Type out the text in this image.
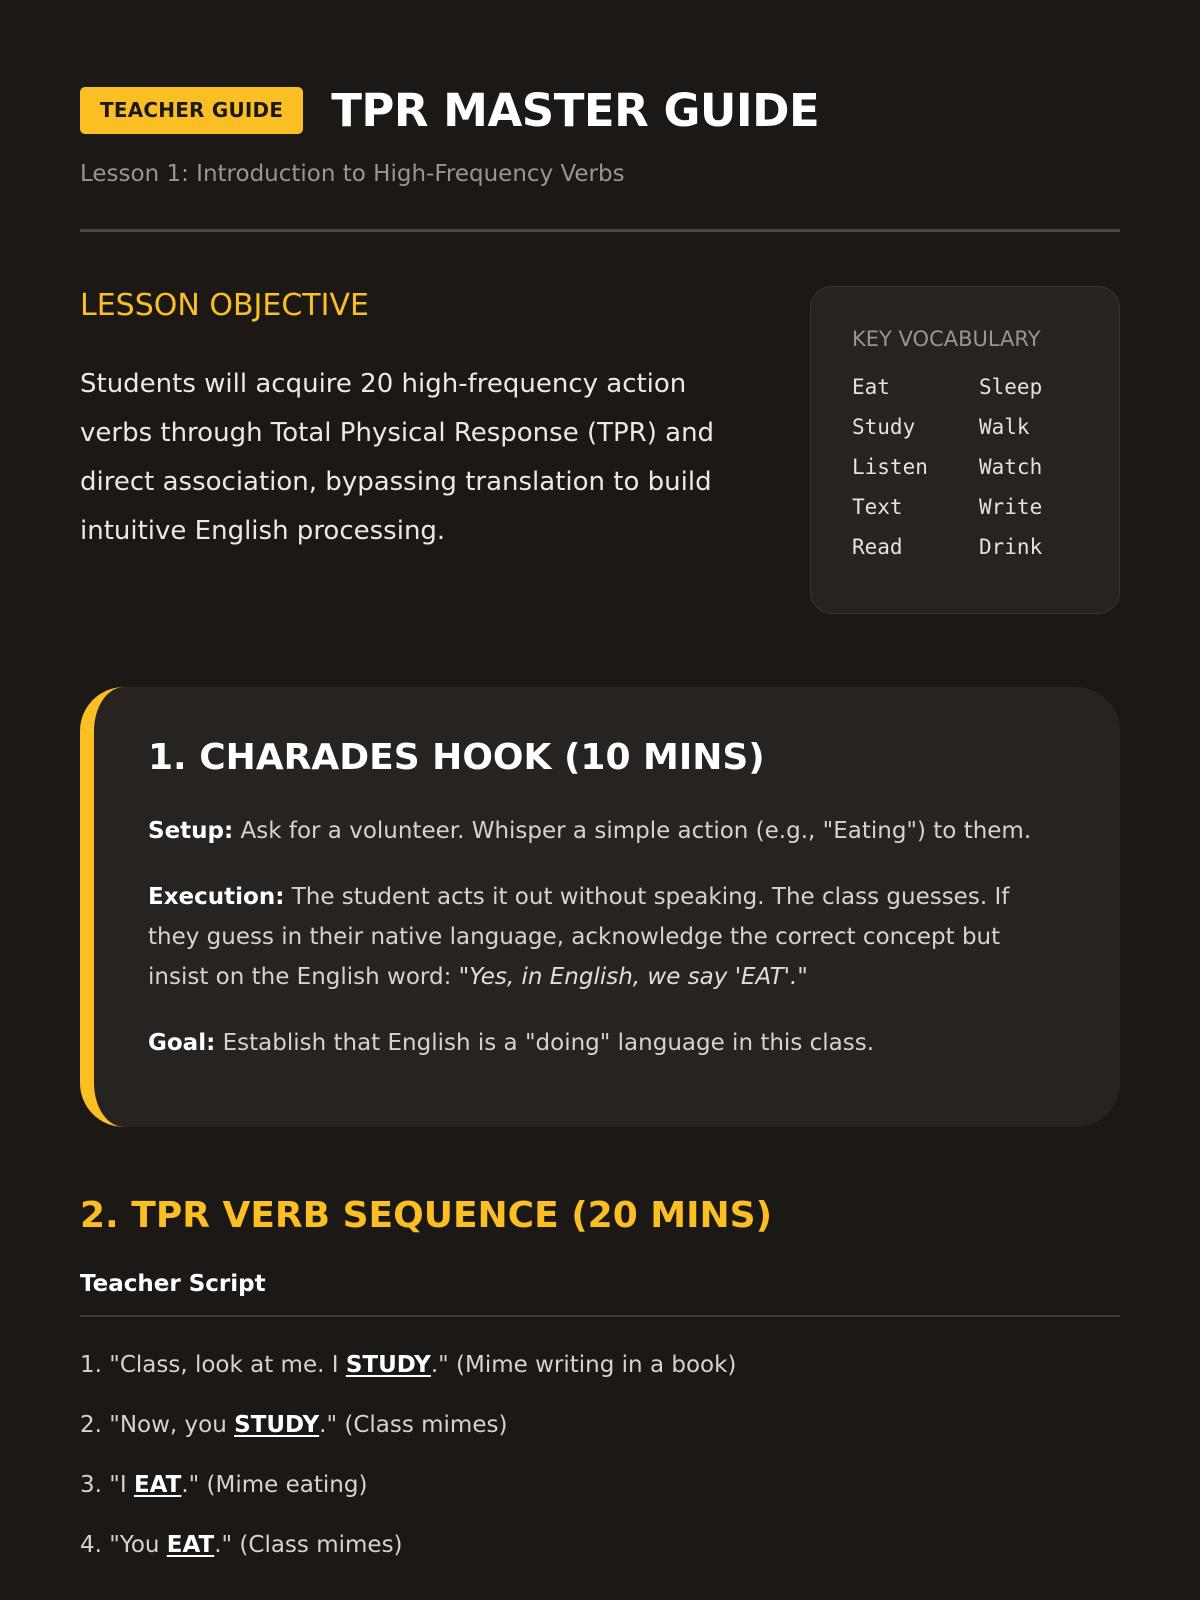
TEACHER GUIDE	TPR MASTER GUIDE
Lesson 1: Introduction to High-Frequency Verbs
LESSON OBJECTIVE

Students will acquire 20 high-frequency action verbs through Total Physical Response (TPR) and direct association, bypassing translation to build intuitive English processing.

KEY VOCABULARY
Eat	Sleep
Study	Walk
Listen	Watch
Text	Write
Read	Drink
1. CHARADES HOOK (10 MINS)

Setup: Ask for a volunteer. Whisper a simple action (e.g., "Eating") to them.

Execution: The student acts it out without speaking. The class guesses. If they guess in their native language, acknowledge the correct concept but insist on the English word: "Yes, in English, we say 'EAT'."

Goal: Establish that English is a "doing" language in this class.

2. TPR VERB SEQUENCE (20 MINS)
Teacher Script
1. "Class, look at me. I STUDY." (Mime writing in a book)
2. "Now, you STUDY." (Class mimes)
3. "I EAT." (Mime eating)
4. "You EAT." (Class mimes)
